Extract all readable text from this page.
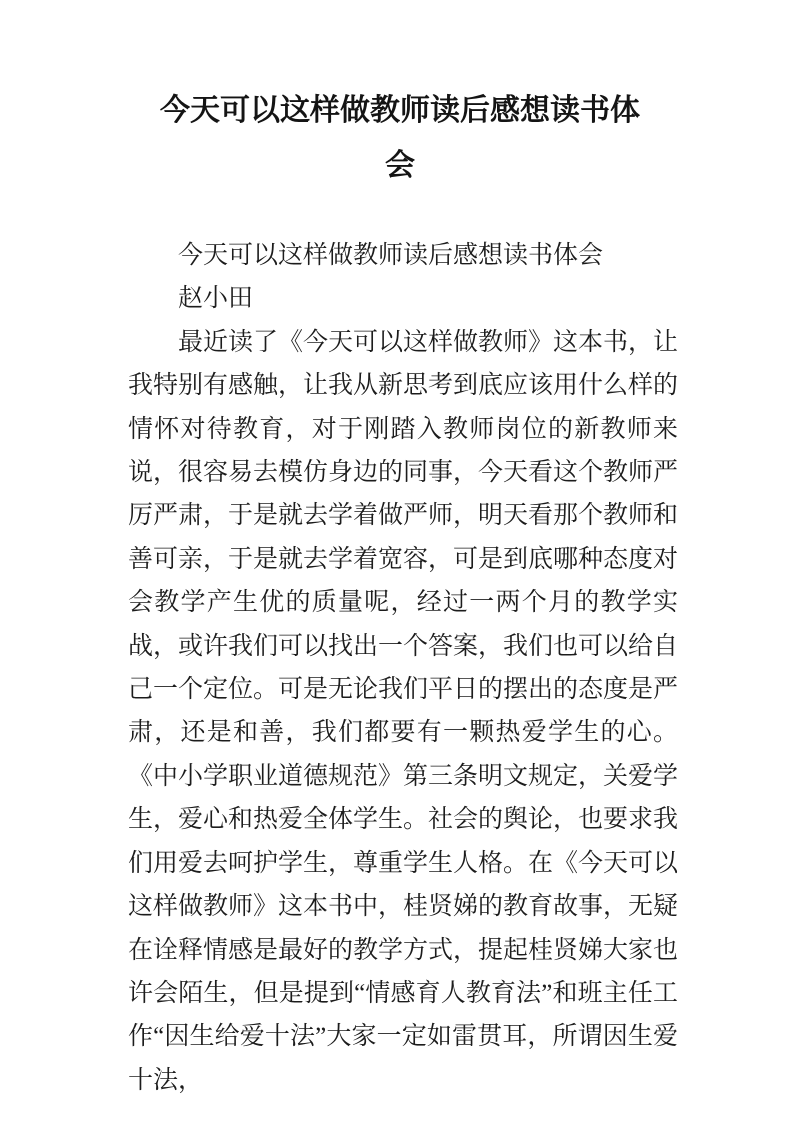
今天可以这样做教师读后感想读书体会

今天可以这样做教师读后感想读书体会

赵小田

最近读了《今天可以这样做教师》这本书，让我特别有感触，让我从新思考到底应该用什么样的情怀对待教育，对于刚踏入教师岗位的新教师来说，很容易去模仿身边的同事，今天看这个教师严厉严肃，于是就去学着做严师，明天看那个教师和善可亲，于是就去学着宽容，可是到底哪种态度对会教学产生优的质量呢，经过一两个月的教学实战，或许我们可以找出一个答案，我们也可以给自己一个定位。可是无论我们平日的摆出的态度是严肃，还是和善，我们都要有一颗热爱学生的心。《中小学职业道德规范》第三条明文规定，关爱学生，爱心和热爱全体学生。社会的舆论，也要求我们用爱去呵护学生，尊重学生人格。在《今天可以这样做教师》这本书中，桂贤娣的教育故事，无疑在诠释情感是最好的教学方式，提起桂贤娣大家也许会陌生，但是提到“情感育人教育法”和班主任工作“因生给爱十法”大家一定如雷贯耳，所谓因生爱十法，
